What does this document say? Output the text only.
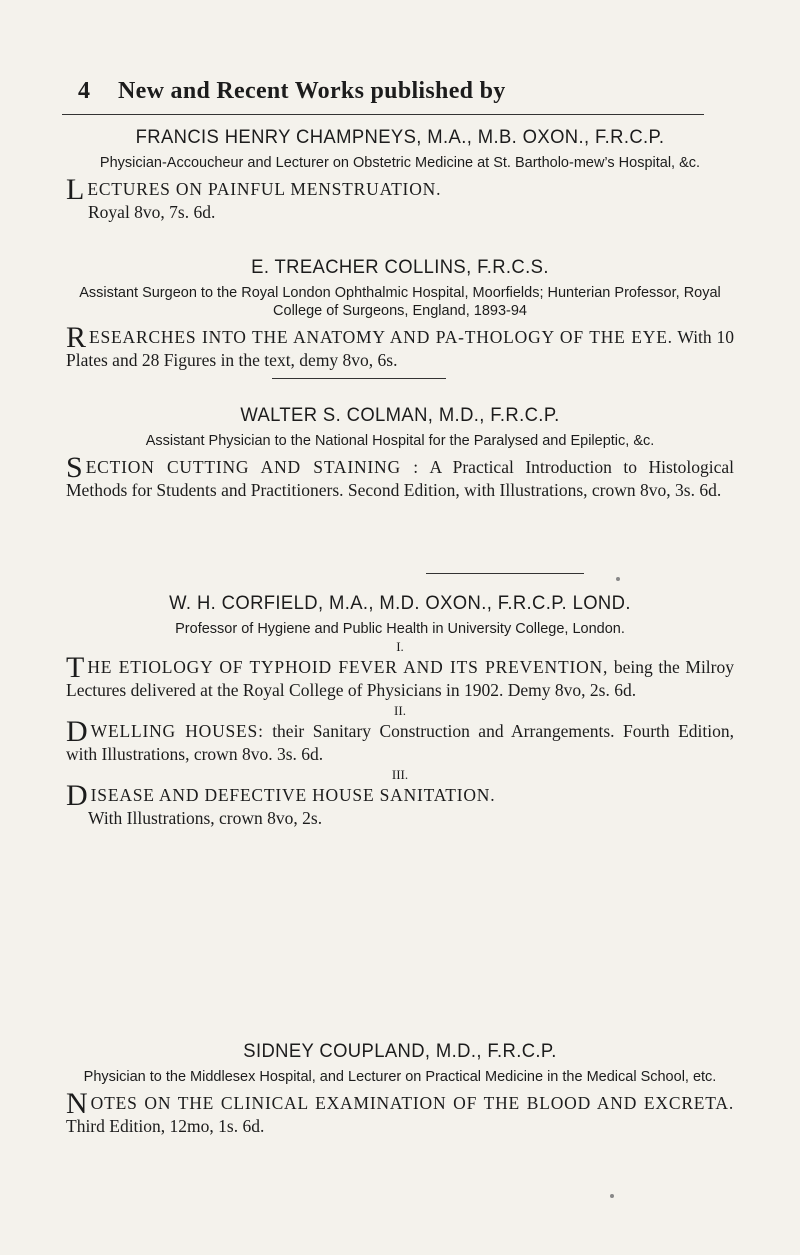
4 New and Recent Works published by
FRANCIS HENRY CHAMPNEYS, M.A., M.B. OXON., F.R.C.P.
Physician-Accoucheur and Lecturer on Obstetric Medicine at St. Bartholo-mew’s Hospital, &c.
LECTURES ON PAINFUL MENSTRUATION.
Royal 8vo, 7s. 6d.
E. TREACHER COLLINS, F.R.C.S.
Assistant Surgeon to the Royal London Ophthalmic Hospital, Moorfields; Hunterian Professor, Royal College of Surgeons, England, 1893-94
RESEARCHES INTO THE ANATOMY AND PA-THOLOGY OF THE EYE. With 10 Plates and 28 Figures in the text, demy 8vo, 6s.
WALTER S. COLMAN, M.D., F.R.C.P.
Assistant Physician to the National Hospital for the Paralysed and Epileptic, &c.
SECTION CUTTING AND STAINING : A Practical Introduction to Histological Methods for Students and Practitioners. Second Edition, with Illustrations, crown 8vo, 3s. 6d.
W. H. CORFIELD, M.A., M.D. OXON., F.R.C.P. LOND.
Professor of Hygiene and Public Health in University College, London.
I.
THE ETIOLOGY OF TYPHOID FEVER AND ITS PREVENTION, being the Milroy Lectures delivered at the Royal College of Physicians in 1902. Demy 8vo, 2s. 6d.
II.
DWELLING HOUSES: their Sanitary Construction and Arrangements. Fourth Edition, with Illustrations, crown 8vo. 3s. 6d.
III.
DISEASE AND DEFECTIVE HOUSE SANITATION.
With Illustrations, crown 8vo, 2s.
SIDNEY COUPLAND, M.D., F.R.C.P.
Physician to the Middlesex Hospital, and Lecturer on Practical Medicine in the Medical School, etc.
NOTES ON THE CLINICAL EXAMINATION OF THE BLOOD AND EXCRETA. Third Edition, 12mo, 1s. 6d.
